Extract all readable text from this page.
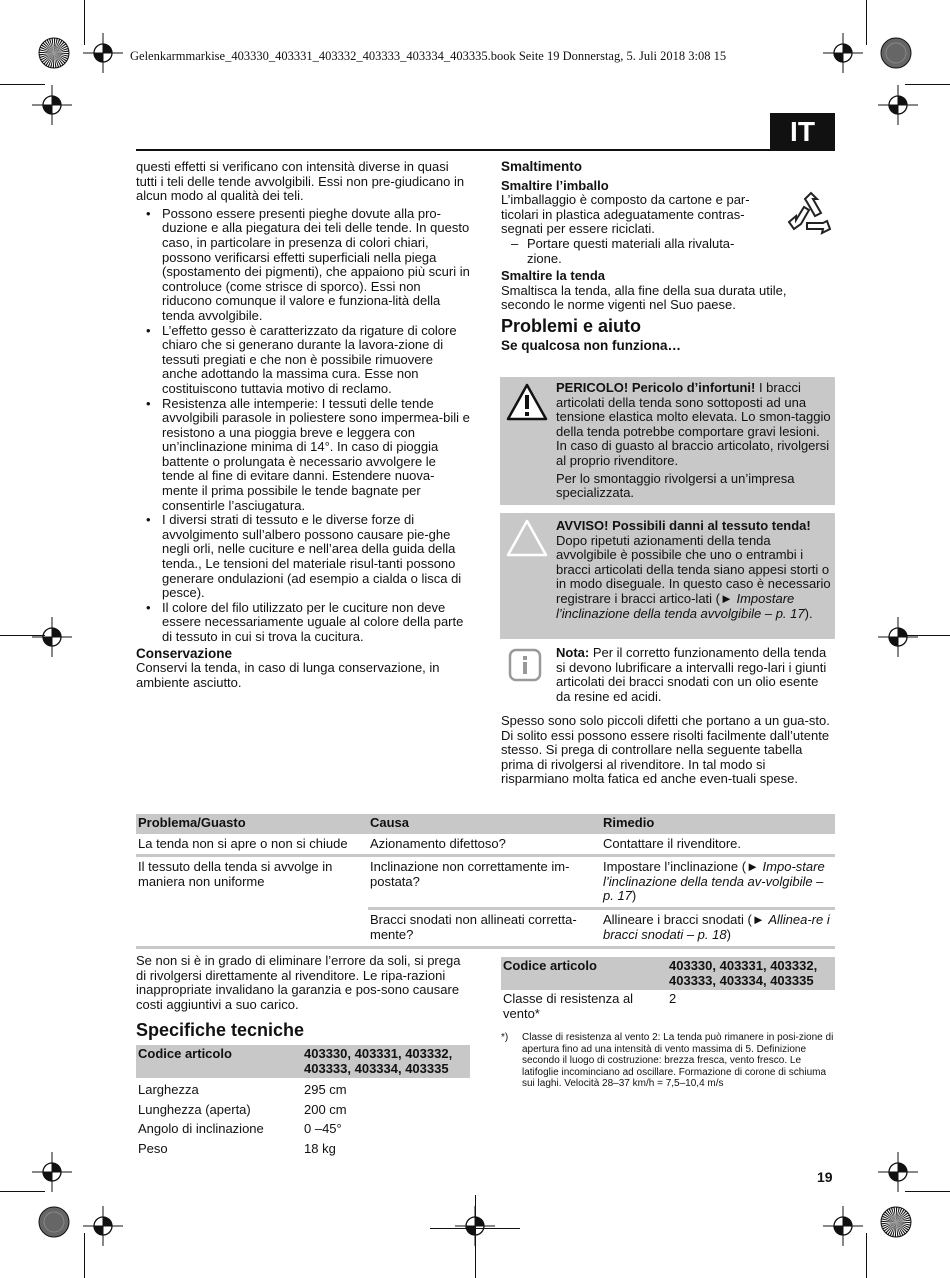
Gelenkarmmarkise_403330_403331_403332_403333_403334_403335.book Seite 19 Donnerstag, 5. Juli 2018 3:08 15
IT

questi effetti si verificano con intensità diverse in quasi tutti i teli delle tende avvolgibili. Essi non pre-giudicano in alcun modo al qualità dei teli.

• Possono essere presenti pieghe dovute alla pro-duzione e alla piegatura dei teli delle tende. In questo caso, in particolare in presenza di colori chiari, possono verificarsi effetti superficiali nella piega (spostamento dei pigmenti), che appaiono più scuri in controluce (come strisce di sporco). Essi non riducono comunque il valore e funziona-lità della tenda avvolgibile.

• L’effetto gesso è caratterizzato da rigature di colore chiaro che si generano durante la lavora-zione di tessuti pregiati e che non è possibile rimuovere anche adottando la massima cura. Esse non costituiscono tuttavia motivo di reclamo.

• Resistenza alle intemperie: I tessuti delle tende avvolgibili parasole in poliestere sono impermea-bili e resistono a una pioggia breve e leggera con un’inclinazione minima di 14°. In caso di pioggia battente o prolungata è necessario avvolgere le tende al fine di evitare danni. Estendere nuova-mente il prima possibile le tende bagnate per consentirle l’asciugatura.

• I diversi strati di tessuto e le diverse forze di avvolgimento sull’albero possono causare pie-ghe negli orli, nelle cuciture e nell’area della guida della tenda., Le tensioni del materiale risul-tanti possono generare ondulazioni (ad esempio a cialda o lisca di pesce).

• Il colore del filo utilizzato per le cuciture non deve essere necessariamente uguale al colore della parte di tessuto in cui si trova la cucitura.

Conservazione

Conservi la tenda, in caso di lunga conservazione, in ambiente asciutto.

Smaltimento

Smaltire l’imballo

L’imballaggio è composto da cartone e par-ticolari in plastica adeguatamente contras-segnati per essere riciclati.

– Portare questi materiali alla rivaluta-zione.

Smaltire la tenda

Smaltisca la tenda, alla fine della sua durata utile, secondo le norme vigenti nel Suo paese.

Problemi e aiuto

Se qualcosa non funziona…

PERICOLO! Pericolo d’infortuni! I bracci articolati della tenda sono sottoposti ad una tensione elastica molto elevata. Lo smon-taggio della tenda potrebbe comportare gravi lesioni. In caso di guasto al braccio articolato, rivolgersi al proprio rivenditore.

Per lo smontaggio rivolgersi a un’impresa specializzata.

AVVISO! Possibili danni al tessuto tenda! Dopo ripetuti azionamenti della tenda avvolgibile è possibile che uno o entrambi i bracci articolati della tenda siano appesi storti o in modo diseguale. In questo caso è necessario registrare i bracci artico-lati (► Impostare l’inclinazione della tenda avvolgibile – p. 17).

Nota: Per il corretto funzionamento della tenda si devono lubrificare a intervalli rego-lari i giunti articolati dei bracci snodati con un olio esente da resine ed acidi.

Spesso sono solo piccoli difetti che portano a un gua-sto. Di solito essi possono essere risolti facilmente dall’utente stesso. Si prega di controllare nella seguente tabella prima di rivolgersi al rivenditore. In tal modo si risparmiano molta fatica ed anche even-tuali spese.

Problema/Guasto	Causa	Rimedio
La tenda non si apre o non si chiude	Azionamento difettoso?	Contattare il rivenditore.
Il tessuto della tenda si avvolge in maniera non uniforme	Inclinazione non correttamente im-postata?	Impostare l’inclinazione (► Impo-stare l’inclinazione della tenda av-volgibile – p. 17)
	Bracci snodati non allineati corretta-mente?	Allineare i bracci snodati (► Allinea-re i bracci snodati – p. 18)

Se non si è in grado di eliminare l’errore da soli, si prega di rivolgersi direttamente al rivenditore. Le ripa-razioni inappropriate invalidano la garanzia e pos-sono causare costi aggiuntivi a suo carico.

Specifiche tecniche
Codice articolo	403330, 403331, 403332, 403333, 403334, 403335
Larghezza	295 cm
Lunghezza (aperta)	200 cm
Angolo di inclinazione	0 –45°
Peso	18 kg
Codice articolo	403330, 403331, 403332, 403333, 403334, 403335
Classe di resistenza al vento*	2
*) Classe di resistenza al vento 2: La tenda può rimanere in posi-zione di apertura fino ad una intensità di vento massima di 5. Definizione secondo il luogo di costruzione: brezza fresca, vento fresco. Le latifoglie incominciano ad oscillare. Formazione di corone di schiuma sui laghi. Velocità 28–37 km/h = 7,5–10,4 m/s

19
